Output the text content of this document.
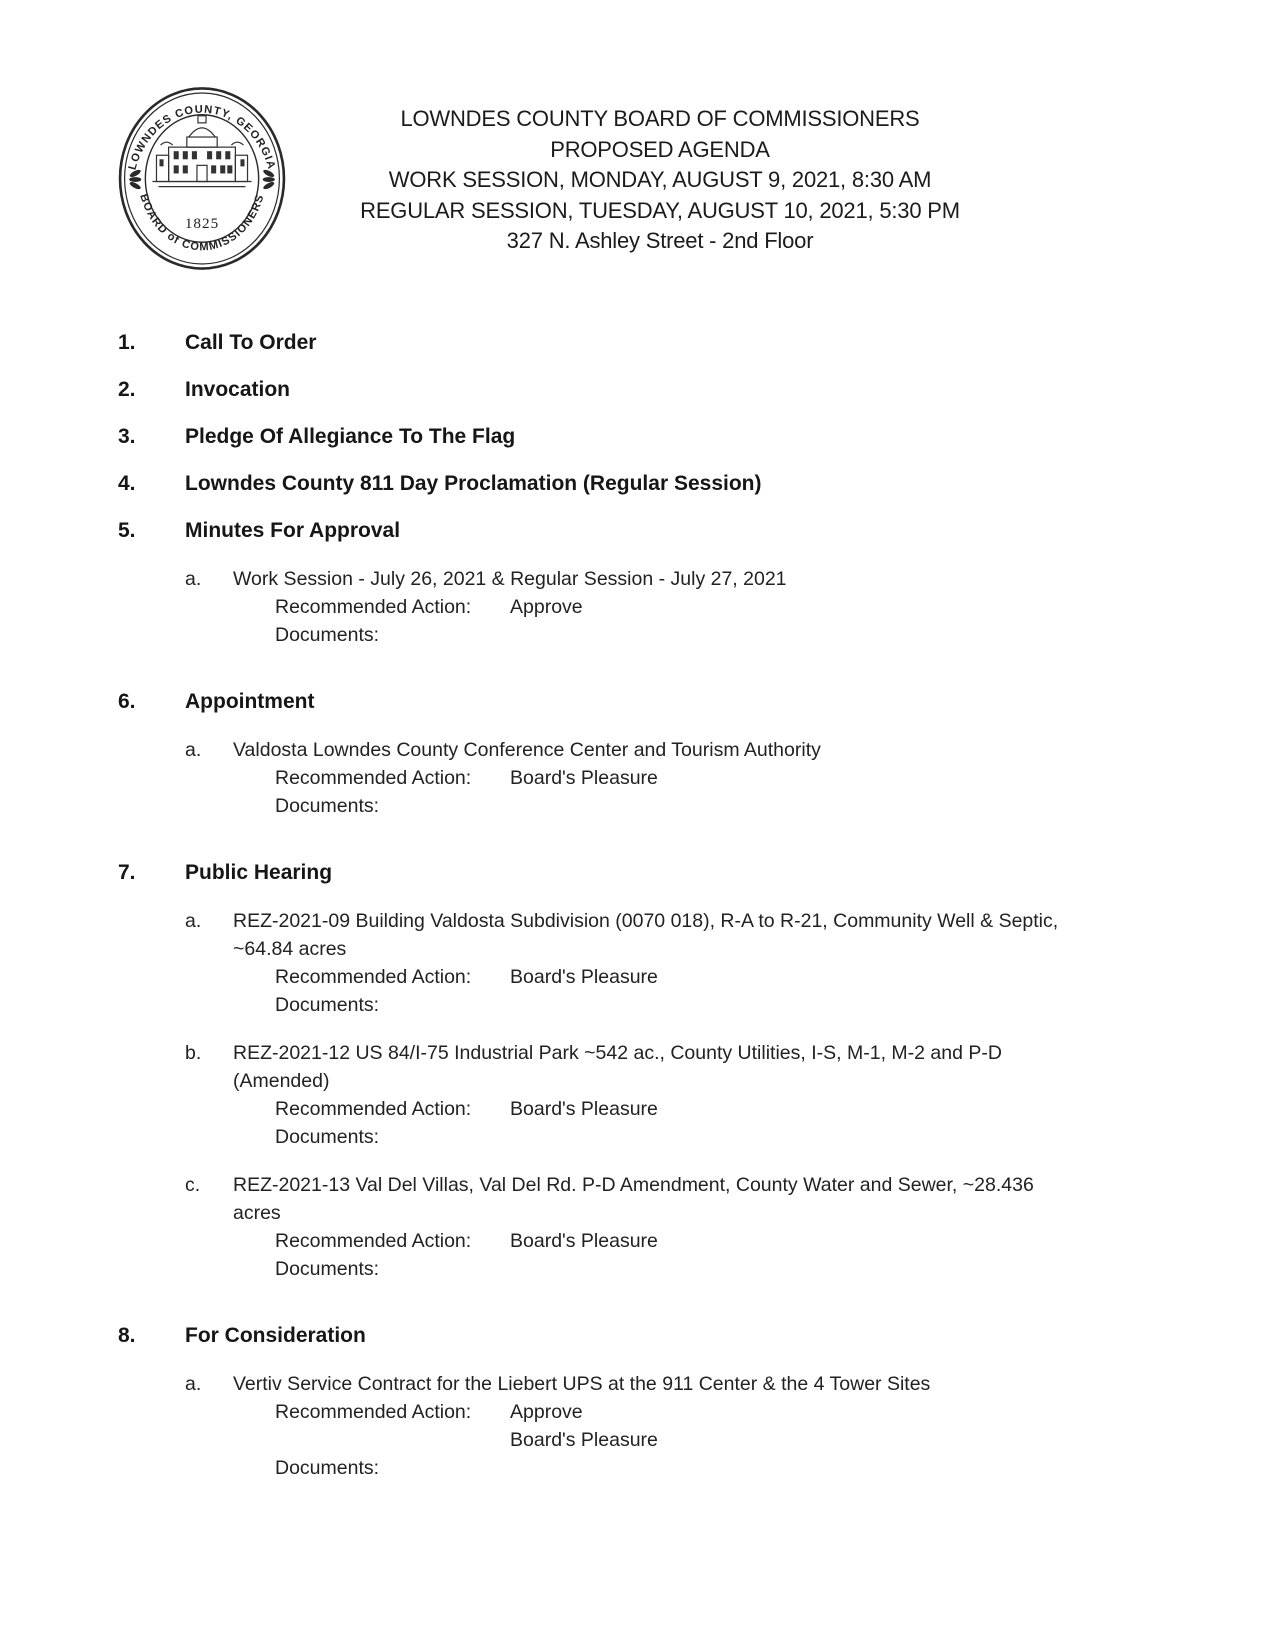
LOWNDES COUNTY, GEORGIA
BOARD of COMMISSIONERS
1825
LOWNDES COUNTY BOARD OF COMMISSIONERS
PROPOSED AGENDA
WORK SESSION, MONDAY, AUGUST 9, 2021, 8:30 AM
REGULAR SESSION, TUESDAY, AUGUST 10, 2021, 5:30 PM
327 N. Ashley Street - 2nd Floor
1.	Call To Order
2.	Invocation
3.	Pledge Of Allegiance To The Flag
4.	Lowndes County 811 Day Proclamation (Regular Session)
5.	Minutes For Approval
a.	Work Session - July 26, 2021 & Regular Session - July 27, 2021
Recommended Action:	Approve
Documents:
6.	Appointment
a.	Valdosta Lowndes County Conference Center and Tourism Authority
Recommended Action:	Board's Pleasure
Documents:
7.	Public Hearing
a.	REZ-2021-09 Building Valdosta Subdivision (0070 018), R-A to R-21, Community Well & Septic,
~64.84 acres
Recommended Action:	Board's Pleasure
Documents:
b.	REZ-2021-12 US 84/I-75 Industrial Park ~542 ac., County Utilities, I-S, M-1, M-2 and P-D
(Amended)
Recommended Action:	Board's Pleasure
Documents:
c.	REZ-2021-13 Val Del Villas, Val Del Rd. P-D Amendment, County Water and Sewer, ~28.436
acres
Recommended Action:	Board's Pleasure
Documents:
8.	For Consideration
a.	Vertiv Service Contract for the Liebert UPS at the 911 Center & the 4 Tower Sites
Recommended Action:	Approve
Board's Pleasure
Documents:
